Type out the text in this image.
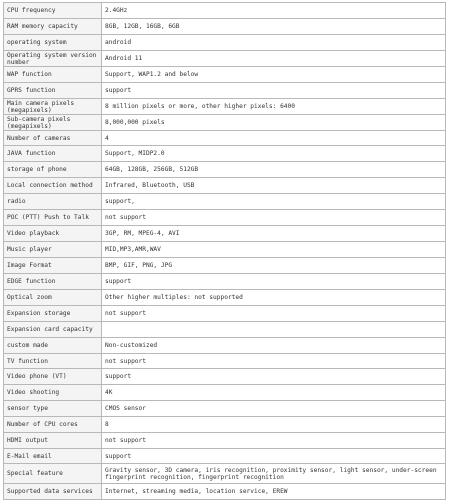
CPU frequency	2.4GHz
RAM memory capacity	8GB, 12GB, 16GB, 6GB
operating system	android
Operating system version number	Android 11
WAP function	Support, WAP1.2 and below
GPRS function	support
Main camera pixels (megapixels)	8 million pixels or more, other higher pixels: 6400
Sub-camera pixels (megapixels)	8,000,000 pixels
Number of cameras	4
JAVA function	Support, MIDP2.0
storage of phone	64GB, 128GB, 256GB, 512GB
Local connection method	Infrared, Bluetooth, USB
radio	support,
POC (PTT) Push to Talk	not support
Video playback	3GP, RM, MPEG-4, AVI
Music player	MID,MP3,AMR,WAV
Image Format	BMP, GIF, PNG, JPG
EDGE function	support
Optical zoom	Other higher multiples: not supported
Expansion storage	not support
Expansion card capacity	
custom made	Non-customized
TV function	not support
Video phone (VT)	support
Video shooting	4K
sensor type	CMOS sensor
Number of CPU cores	8
HDMI output	not support
E-Mail email	support
Special feature	Gravity sensor, 3D camera, iris recognition, proximity sensor, light sensor, under-screen fingerprint recognition, fingerprint recognition
Supported data services	Internet, streaming media, location service, EREW
